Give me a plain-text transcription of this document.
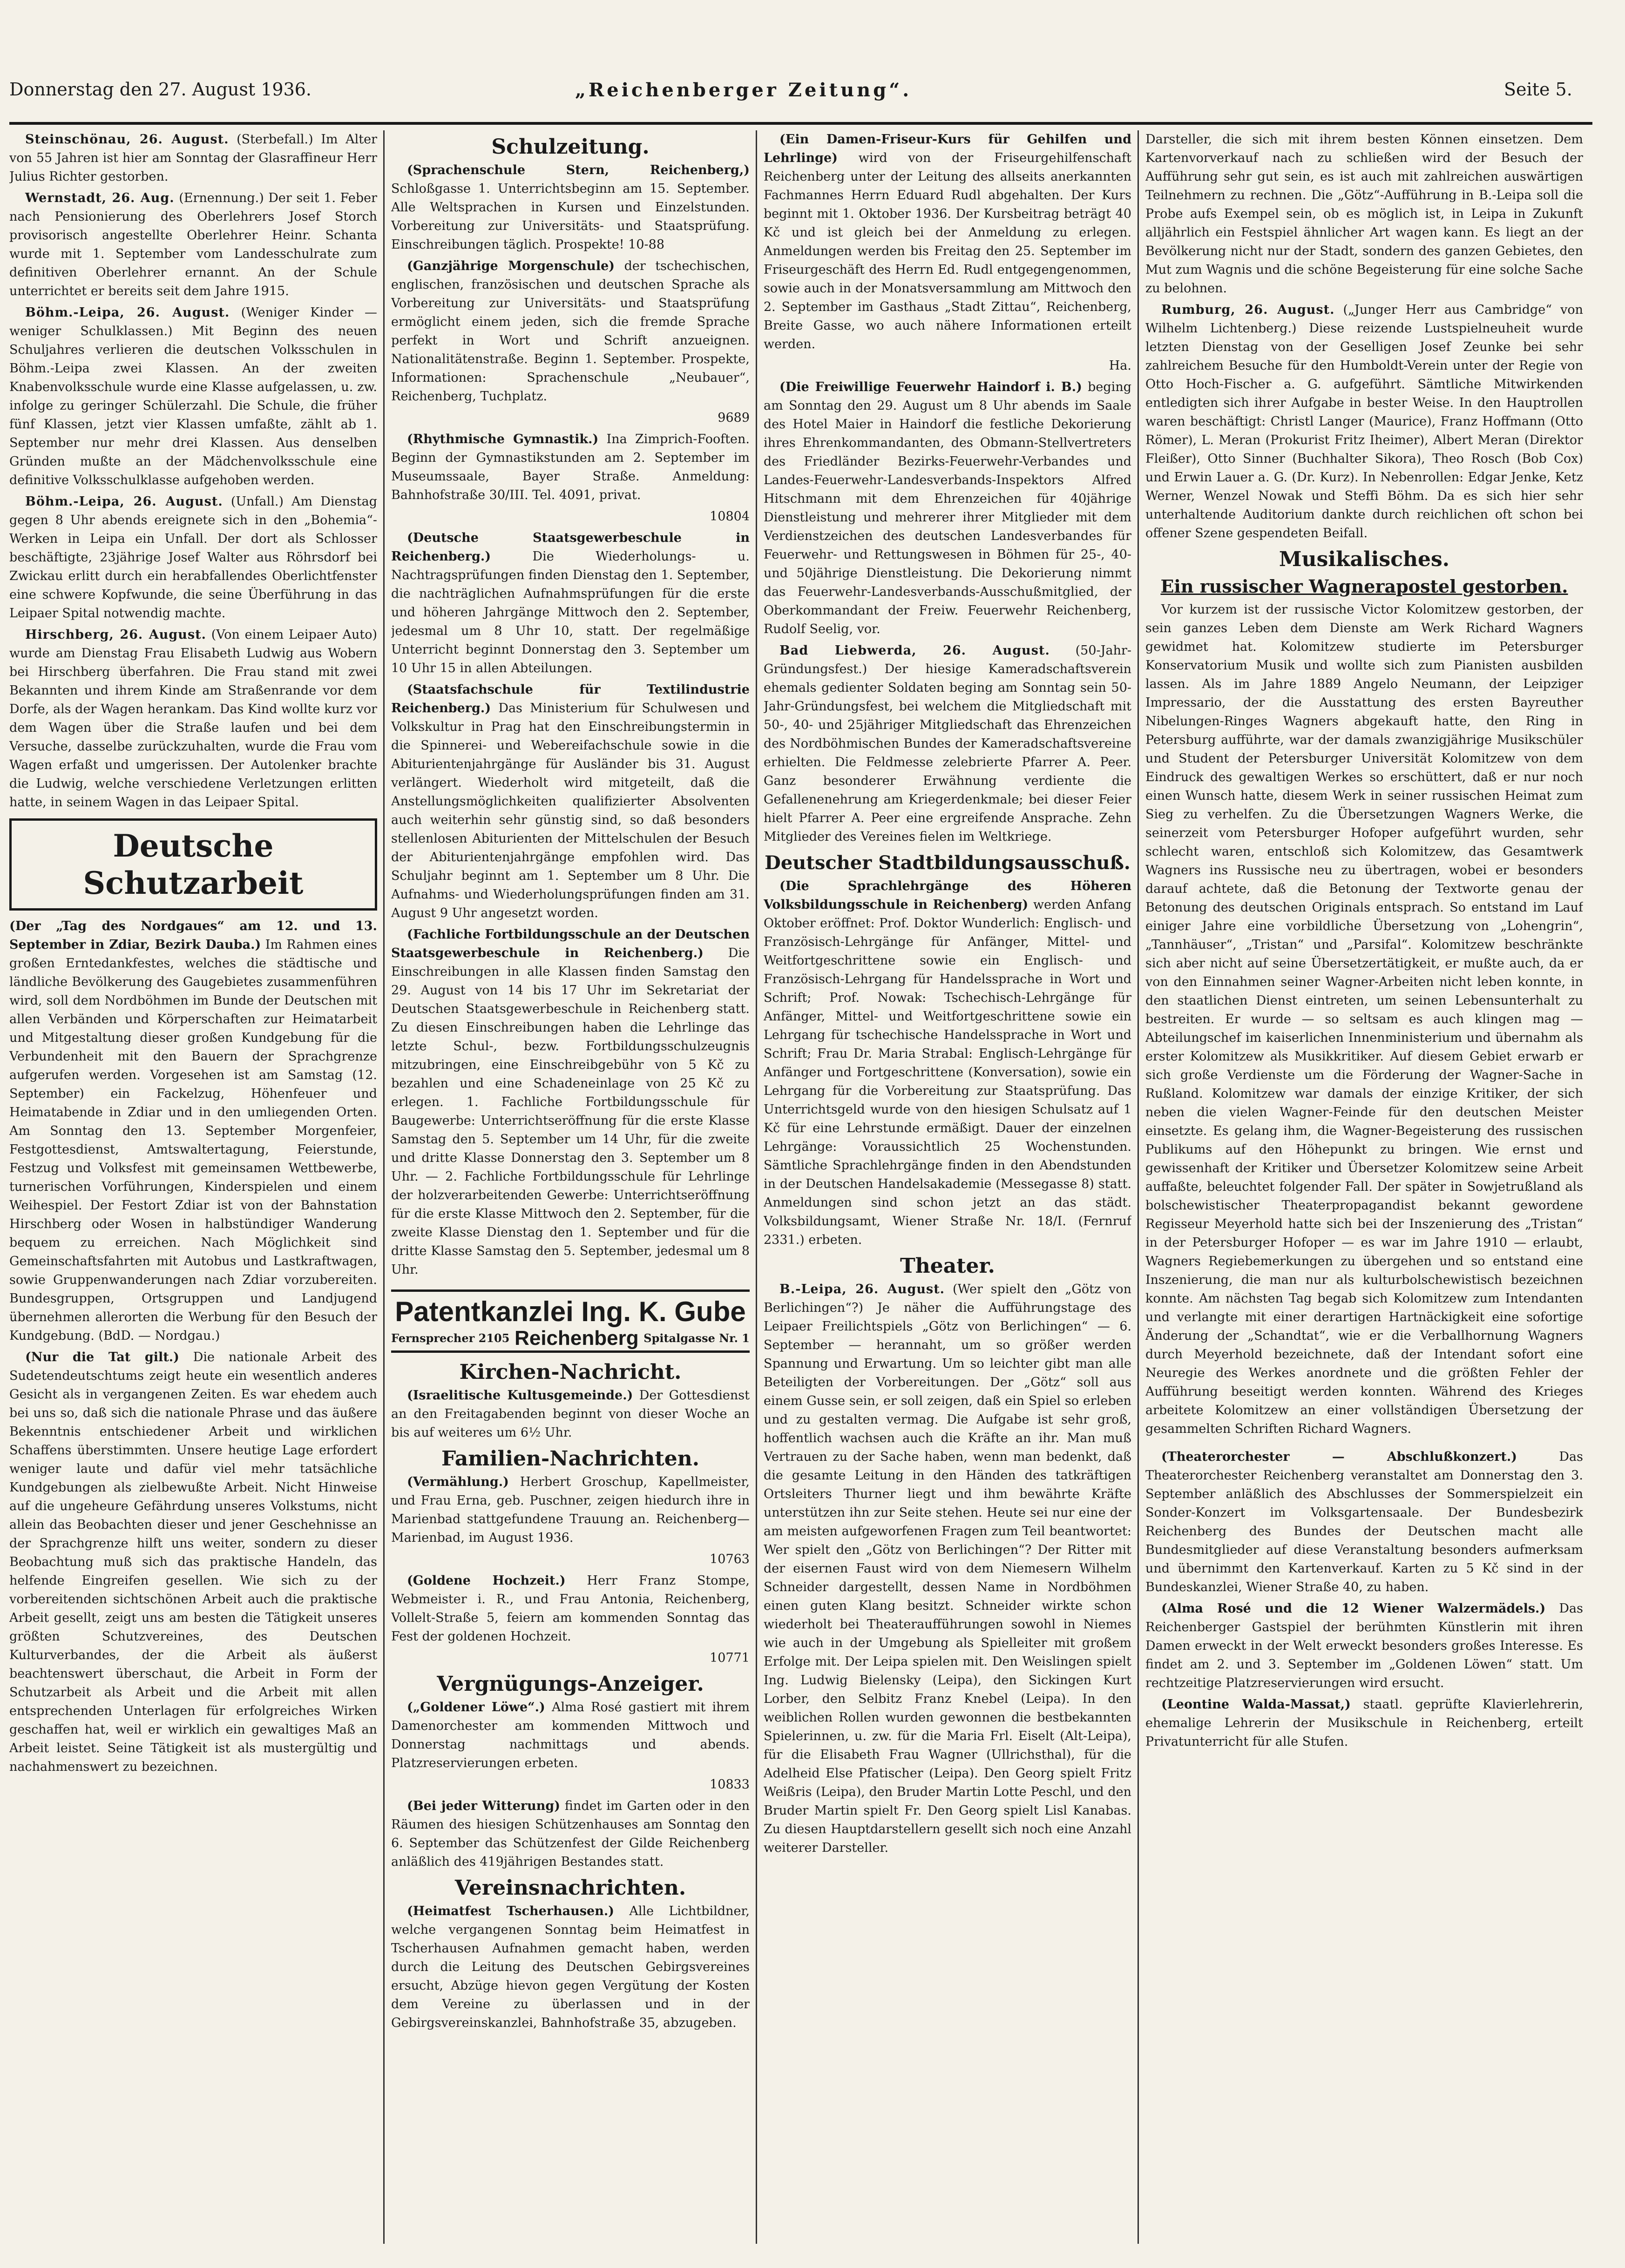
Donnerstag den 27. August 1936.	„Reichenberger Zeitung“.	Seite 5.

Steinschönau, 26. August. (Sterbefall.) Im Alter von 55 Jahren ist hier am Sonntag der Glasraffineur Herr Julius Richter gestorben.

Wernstadt, 26. Aug. (Ernennung.) Der seit 1. Feber nach Pensionierung des Oberlehrers Josef Storch provisorisch angestellte Oberlehrer Heinr. Schanta wurde mit 1. September vom Landesschulrate zum definitiven Oberlehrer ernannt. An der Schule unterrichtet er bereits seit dem Jahre 1915.

Böhm.-Leipa, 26. August. (Weniger Kinder — weniger Schulklassen.) Mit Beginn des neuen Schuljahres verlieren die deutschen Volksschulen in Böhm.-Leipa zwei Klassen. An der zweiten Knabenvolksschule wurde eine Klasse aufgelassen, u. zw. infolge zu geringer Schülerzahl. Die Schule, die früher fünf Klassen, jetzt vier Klassen umfaßte, zählt ab 1. September nur mehr drei Klassen. Aus denselben Gründen mußte an der Mädchenvolksschule eine definitive Volksschulklasse aufgehoben werden.

Böhm.-Leipa, 26. August. (Unfall.) Am Dienstag gegen 8 Uhr abends ereignete sich in den „Bohemia“-Werken in Leipa ein Unfall. Der dort als Schlosser beschäftigte, 23jährige Josef Walter aus Röhrsdorf bei Zwickau erlitt durch ein herabfallendes Oberlichtfenster eine schwere Kopfwunde, die seine Überführung in das Leipaer Spital notwendig machte.

Hirschberg, 26. August. (Von einem Leipaer Auto) wurde am Dienstag Frau Elisabeth Ludwig aus Wobern bei Hirschberg überfahren. Die Frau stand mit zwei Bekannten und ihrem Kinde am Straßenrande vor dem Dorfe, als der Wagen herankam. Das Kind wollte kurz vor dem Wagen über die Straße laufen und bei dem Versuche, dasselbe zurückzuhalten, wurde die Frau vom Wagen erfaßt und umgerissen. Der Autolenker brachte die Ludwig, welche verschiedene Verletzungen erlitten hatte, in seinem Wagen in das Leipaer Spital.

Deutsche Schutzarbeit

(Der „Tag des Nordgaues“ am 12. und 13. September in Zdiar, Bezirk Dauba.) Im Rahmen eines großen Erntedankfestes, welches die städtische und ländliche Bevölkerung des Gaugebietes zusammenführen wird, soll dem Nordböhmen im Bunde der Deutschen mit allen Verbänden und Körperschaften zur Heimatarbeit und Mitgestaltung dieser großen Kundgebung für die Verbundenheit mit den Bauern der Sprachgrenze aufgerufen werden. Vorgesehen ist am Samstag (12. September) ein Fackelzug, Höhenfeuer und Heimatabende in Zdiar und in den umliegenden Orten. Am Sonntag den 13. September Morgenfeier, Festgottesdienst, Amtswaltertagung, Feierstunde, Festzug und Volksfest mit gemeinsamen Wettbewerbe, turnerischen Vorführungen, Kinderspielen und einem Weihespiel. Der Festort Zdiar ist von der Bahnstation Hirschberg oder Wosen in halbstündiger Wanderung bequem zu erreichen. Nach Möglichkeit sind Gemeinschaftsfahrten mit Autobus und Lastkraftwagen, sowie Gruppenwanderungen nach Zdiar vorzubereiten. Bundesgruppen, Ortsgruppen und Landjugend übernehmen allerorten die Werbung für den Besuch der Kundgebung. (BdD. — Nordgau.)

(Nur die Tat gilt.) Die nationale Arbeit des Sudetendeutschtums zeigt heute ein wesentlich anderes Gesicht als in vergangenen Zeiten. Es war ehedem auch bei uns so, daß sich die nationale Phrase und das äußere Bekenntnis entschiedener Arbeit und wirklichen Schaffens überstimmten. Unsere heutige Lage erfordert weniger laute und dafür viel mehr tatsächliche Kundgebungen als zielbewußte Arbeit. Nicht Hinweise auf die ungeheure Gefährdung unseres Volkstums, nicht allein das Beobachten dieser und jener Geschehnisse an der Sprachgrenze hilft uns weiter, sondern zu dieser Beobachtung muß sich das praktische Handeln, das helfende Eingreifen gesellen. Wie sich zu der vorbereitenden sichtschönen Arbeit auch die praktische Arbeit gesellt, zeigt uns am besten die Tätigkeit unseres größten Schutzvereines, des Deutschen Kulturverbandes, der die Arbeit als äußerst beachtenswert überschaut, die Arbeit in Form der Schutzarbeit als Arbeit und die Arbeit mit allen entsprechenden Unterlagen für erfolgreiches Wirken geschaffen hat, weil er wirklich ein gewaltiges Maß an Arbeit leistet. Seine Tätigkeit ist als mustergültig und nachahmenswert zu bezeichnen.

Schulzeitung.

(Sprachenschule Stern, Reichenberg,) Schloßgasse 1. Unterrichtsbeginn am 15. September. Alle Weltsprachen in Kursen und Einzelstunden. Vorbereitung zur Universitäts- und Staatsprüfung. Einschreibungen täglich. Prospekte! 10-88

(Ganzjährige Morgenschule) der tschechischen, englischen, französischen und deutschen Sprache als Vorbereitung zur Universitäts- und Staatsprüfung ermöglicht einem jeden, sich die fremde Sprache perfekt in Wort und Schrift anzueignen. Nationalitätenstraße. Beginn 1. September. Prospekte, Informationen: Sprachenschule „Neubauer“, Reichenberg, Tuchplatz.

9689

(Rhythmische Gymnastik.) Ina Zimprich-Fooften. Beginn der Gymnastikstunden am 2. September im Museumssaale, Bayer Straße. Anmeldung: Bahnhofstraße 30/III. Tel. 4091, privat.

10804

(Deutsche Staatsgewerbeschule in Reichenberg.)	Die Wiederholungs- u. Nachtragsprüfungen finden Dienstag den 1. September, die nachträglichen Aufnahmsprüfungen für die erste und höheren Jahrgänge Mittwoch den 2. September, jedesmal um 8 Uhr 10, statt. Der regelmäßige Unterricht beginnt Donnerstag den 3. September um 10 Uhr 15 in allen Abteilungen.

(Staatsfachschule für Textilindustrie Reichenberg.) Das Ministerium für Schulwesen und Volkskultur in Prag hat den Einschreibungstermin in die Spinnerei- und Webereifachschule sowie in die Abiturientenjahrgänge für Ausländer bis 31. August verlängert. Wiederholt wird mitgeteilt, daß die Anstellungsmöglichkeiten qualifizierter Absolventen auch weiterhin sehr günstig sind, so daß besonders stellenlosen Abiturienten der Mittelschulen der Besuch der Abiturientenjahrgänge empfohlen wird. Das Schuljahr beginnt am 1. September um 8 Uhr. Die Aufnahms- und Wiederholungsprüfungen finden am 31. August 9 Uhr angesetzt worden.

(Fachliche Fortbildungsschule an der Deutschen Staatsgewerbeschule in Reichenberg.) Die Einschreibungen in alle Klassen finden Samstag den 29. August von 14 bis 17 Uhr im Sekretariat der Deutschen Staatsgewerbeschule in Reichenberg statt. Zu diesen Einschreibungen haben die Lehrlinge das letzte Schul-, bezw. Fortbildungsschulzeugnis mitzubringen, eine Einschreibgebühr von 5 Kč zu bezahlen und eine Schadeneinlage von 25 Kč zu erlegen. 1. Fachliche Fortbildungsschule für Baugewerbe: Unterrichtseröffnung für die erste Klasse Samstag den 5. September um 14 Uhr, für die zweite und dritte Klasse Donnerstag den 3. September um 8 Uhr. — 2. Fachliche Fortbildungsschule für Lehrlinge der holzverarbeitenden Gewerbe: Unterrichtseröffnung für die erste Klasse Mittwoch den 2. September, für die zweite Klasse Dienstag den 1. September und für die dritte Klasse Samstag den 5. September, jedesmal um 8 Uhr.

Patentkanzlei Ing. K. Gube
Fernsprecher 2105 Reichenberg Spitalgasse Nr. 1
Kirchen-Nachricht.

(Israelitische Kultusgemeinde.) Der Gottesdienst an den Freitagabenden beginnt von dieser Woche an bis auf weiteres um 6½ Uhr.

Familien-Nachrichten.

(Vermählung.) Herbert Groschup, Kapellmeister, und Frau Erna, geb. Puschner, zeigen hiedurch ihre in Marienbad stattgefundene Trauung an. Reichenberg—Marienbad, im August 1936.

10763

(Goldene Hochzeit.) Herr Franz Stompe, Webmeister i. R., und Frau Antonia, Reichenberg, Vollelt-Straße 5, feiern am kommenden Sonntag das Fest der goldenen Hochzeit.

10771
Vergnügungs-Anzeiger.

(„Goldener Löwe“.) Alma Rosé gastiert mit ihrem Damenorchester am kommenden Mittwoch und Donnerstag nachmittags und abends. Platzreservierungen erbeten.

10833

(Bei jeder Witterung) findet im Garten oder in den Räumen des hiesigen Schützenhauses am Sonntag den 6. September das Schützenfest der Gilde Reichenberg anläßlich des 419jährigen Bestandes statt.

Vereinsnachrichten.

(Heimatfest Tscherhausen.) Alle Lichtbildner, welche vergangenen Sonntag beim Heimatfest in Tscherhausen Aufnahmen gemacht haben, werden durch die Leitung des Deutschen Gebirgsvereines ersucht, Abzüge hievon gegen Vergütung der Kosten dem Vereine zu überlassen und in der Gebirgsvereinskanzlei, Bahnhofstraße 35, abzugeben.

(Ein Damen-Friseur-Kurs für Gehilfen und Lehrlinge) wird von der Friseurgehilfenschaft Reichenberg unter der Leitung des allseits anerkannten Fachmannes Herrn Eduard Rudl abgehalten. Der Kurs beginnt mit 1. Oktober 1936. Der Kursbeitrag beträgt 40 Kč und ist gleich bei der Anmeldung zu erlegen. Anmeldungen werden bis Freitag den 25. September im Friseurgeschäft des Herrn Ed. Rudl entgegengenommen, sowie auch in der Monatsversammlung am Mittwoch den 2. September im Gasthaus „Stadt Zittau“, Reichenberg, Breite Gasse, wo auch nähere Informationen erteilt werden.

Ha.

(Die Freiwillige Feuerwehr Haindorf i. B.) beging am Sonntag den 29. August um 8 Uhr abends im Saale des Hotel Maier in Haindorf die festliche Dekorierung ihres Ehrenkommandanten, des Obmann-Stellvertreters des Friedländer Bezirks-Feuerwehr-Verbandes und Landes-Feuerwehr-Landesverbands-Inspektors Alfred Hitschmann mit dem Ehrenzeichen für 40jährige Dienstleistung und mehrerer ihrer Mitglieder mit dem Verdienstzeichen des deutschen Landesverbandes für Feuerwehr- und Rettungswesen in Böhmen für 25-, 40- und 50jährige Dienstleistung. Die Dekorierung nimmt das Feuerwehr-Landesverbands-Ausschußmitglied, der Oberkommandant der Freiw. Feuerwehr Reichenberg, Rudolf Seelig, vor.

Bad Liebwerda, 26. August. (50-Jahr-Gründungsfest.) Der hiesige Kameradschaftsverein ehemals gedienter Soldaten beging am Sonntag sein 50-Jahr-Gründungsfest, bei welchem die Mitgliedschaft mit 50-, 40- und 25jähriger Mitgliedschaft das Ehrenzeichen des Nordböhmischen Bundes der Kameradschaftsvereine erhielten. Die Feldmesse zelebrierte Pfarrer A. Peer. Ganz besonderer Erwähnung verdiente die Gefallenenehrung am Kriegerdenkmale; bei dieser Feier hielt Pfarrer A. Peer eine ergreifende Ansprache. Zehn Mitglieder des Vereines fielen im Weltkriege.

Deutscher Stadtbildungsausschuß.

(Die Sprachlehrgänge des Höheren Volksbildungsschule in Reichenberg) werden Anfang Oktober eröffnet: Prof. Doktor Wunderlich: Englisch- und Französisch-Lehrgänge für Anfänger, Mittel- und Weitfortgeschrittene sowie ein Englisch- und Französisch-Lehrgang für Handelssprache in Wort und Schrift; Prof. Nowak: Tschechisch-Lehrgänge für Anfänger, Mittel- und Weitfortgeschrittene sowie ein Lehrgang für tschechische Handelssprache in Wort und Schrift; Frau Dr. Maria Strabal: Englisch-Lehrgänge für Anfänger und Fortgeschrittene (Konversation), sowie ein Lehrgang für die Vorbereitung zur Staatsprüfung. Das Unterrichtsgeld wurde von den hiesigen Schulsatz auf 1 Kč für eine Lehrstunde ermäßigt. Dauer der einzelnen Lehrgänge: Voraussichtlich 25 Wochenstunden. Sämtliche Sprachlehrgänge finden in den Abendstunden in der Deutschen Handelsakademie (Messegasse 8) statt. Anmeldungen sind schon jetzt an das städt. Volksbildungsamt, Wiener Straße Nr. 18/I. (Fernruf 2331.) erbeten.

Theater.

B.-Leipa, 26. August. (Wer spielt den „Götz von Berlichingen“?) Je näher die Aufführungstage des Leipaer Freilichtspiels „Götz von Berlichingen“ — 6. September — herannaht, um so größer werden Spannung und Erwartung. Um so leichter gibt man alle Beteiligten der Vorbereitungen. Der „Götz“ soll aus einem Gusse sein, er soll zeigen, daß ein Spiel so erleben und zu gestalten vermag. Die Aufgabe ist sehr groß, hoffentlich wachsen auch die Kräfte an ihr. Man muß Vertrauen zu der Sache haben, wenn man bedenkt, daß die gesamte Leitung in den Händen des tatkräftigen Ortsleiters Thurner liegt und ihm bewährte Kräfte unterstützen ihn zur Seite stehen. Heute sei nur eine der am meisten aufgeworfenen Fragen zum Teil beantwortet: Wer spielt den „Götz von Berlichingen“? Der Ritter mit der eisernen Faust wird von dem Niemesern Wilhelm Schneider dargestellt, dessen Name in Nordböhmen einen guten Klang besitzt. Schneider wirkte schon wiederholt bei Theateraufführungen sowohl in Niemes wie auch in der Umgebung als Spielleiter mit großem Erfolge mit. Der Leipa spielen mit. Den Weislingen spielt Ing. Ludwig Bielensky (Leipa), den Sickingen Kurt Lorber, den Selbitz Franz Knebel (Leipa). In den weiblichen Rollen wurden gewonnen die bestbekannten Spielerinnen, u. zw. für die Maria Frl. Eiselt (Alt-Leipa), für die Elisabeth Frau Wagner (Ullrichsthal), für die Adelheid Else Pfatischer (Leipa). Den Georg spielt Fritz Weißris (Leipa), den Bruder Martin Lotte Peschl, und den Bruder Martin spielt Fr. Den Georg spielt Lisl Kanabas. Zu diesen Hauptdarstellern gesellt sich noch eine Anzahl weiterer Darsteller.

Darsteller, die sich mit ihrem besten Können einsetzen. Dem Kartenvorverkauf nach zu schließen wird der Besuch der Aufführung sehr gut sein, es ist auch mit zahlreichen auswärtigen Teilnehmern zu rechnen. Die „Götz“-Aufführung in B.-Leipa soll die Probe aufs Exempel sein, ob es möglich ist, in Leipa in Zukunft alljährlich ein Festspiel ähnlicher Art wagen kann. Es liegt an der Bevölkerung nicht nur der Stadt, sondern des ganzen Gebietes, den Mut zum Wagnis und die schöne Begeisterung für eine solche Sache zu belohnen.

Rumburg, 26. August. („Junger Herr aus Cambridge“ von Wilhelm Lichtenberg.) Diese reizende Lustspielneuheit wurde letzten Dienstag von der Geselligen Josef Zeunke bei sehr zahlreichem Besuche für den Humboldt-Verein unter der Regie von Otto Hoch-Fischer a. G. aufgeführt. Sämtliche Mitwirkenden entledigten sich ihrer Aufgabe in bester Weise. In den Hauptrollen waren beschäftigt: Christl Langer (Maurice), Franz Hoffmann (Otto Römer), L. Meran (Prokurist Fritz Iheimer), Albert Meran (Direktor Fleißer), Otto Sinner (Buchhalter Sikora), Theo Rosch (Bob Cox) und Erwin Lauer a. G. (Dr. Kurz). In Nebenrollen: Edgar Jenke, Ketz Werner, Wenzel Nowak und Steffi Böhm. Da es sich hier sehr unterhaltende Auditorium dankte durch reichlichen oft schon bei offener Szene gespendeten Beifall.

Musikalisches.
Ein russischer Wagnerapostel gestorben.

Vor kurzem ist der russische Victor Kolomitzew gestorben, der sein ganzes Leben dem Dienste am Werk Richard Wagners gewidmet hat. Kolomitzew studierte im Petersburger Konservatorium Musik und wollte sich zum Pianisten ausbilden lassen. Als im Jahre 1889 Angelo Neumann, der Leipziger Impressario, der die Ausstattung des ersten Bayreuther Nibelungen-Ringes Wagners abgekauft hatte, den Ring in Petersburg aufführte, war der damals zwanzigjährige Musikschüler und Student der Petersburger Universität Kolomitzew von dem Eindruck des gewaltigen Werkes so erschüttert, daß er nur noch einen Wunsch hatte, diesem Werk in seiner russischen Heimat zum Sieg zu verhelfen. Zu die Übersetzungen Wagners Werke, die seinerzeit vom Petersburger Hofoper aufgeführt wurden, sehr schlecht waren, entschloß sich Kolomitzew, das Gesamtwerk Wagners ins Russische neu zu übertragen, wobei er besonders darauf achtete, daß die Betonung der Textworte genau der Betonung des deutschen Originals entsprach. So entstand im Lauf einiger Jahre eine vorbildliche Übersetzung von „Lohengrin“, „Tannhäuser“, „Tristan“ und „Parsifal“. Kolomitzew beschränkte sich aber nicht auf seine Übersetzertätigkeit, er mußte auch, da er von den Einnahmen seiner Wagner-Arbeiten nicht leben konnte, in den staatlichen Dienst eintreten, um seinen Lebensunterhalt zu bestreiten. Er wurde — so seltsam es auch klingen mag — Abteilungschef im kaiserlichen Innenministerium und übernahm als erster Kolomitzew als Musikkritiker. Auf diesem Gebiet erwarb er sich große Verdienste um die Förderung der Wagner-Sache in Rußland. Kolomitzew war damals der einzige Kritiker, der sich neben die vielen Wagner-Feinde für den deutschen Meister einsetzte. Es gelang ihm, die Wagner-Begeisterung des russischen Publikums auf den Höhepunkt zu bringen. Wie ernst und gewissenhaft der Kritiker und Übersetzer Kolomitzew seine Arbeit auffaßte, beleuchtet folgender Fall. Der später in Sowjetrußland als bolschewistischer Theaterpropagandist bekannt gewordene Regisseur Meyerhold hatte sich bei der Inszenierung des „Tristan“ in der Petersburger Hofoper — es war im Jahre 1910 — erlaubt, Wagners Regiebemerkungen zu übergehen und so entstand eine Inszenierung, die man nur als kulturbolschewistisch bezeichnen konnte. Am nächsten Tag begab sich Kolomitzew zum Intendanten und verlangte mit einer derartigen Hartnäckigkeit eine sofortige Änderung der „Schandtat“, wie er die Verballhornung Wagners durch Meyerhold bezeichnete, daß der Intendant sofort eine Neuregie des Werkes anordnete und die größten Fehler der Aufführung beseitigt werden konnten. Während des Krieges arbeitete Kolomitzew an einer vollständigen Übersetzung der gesammelten Schriften Richard Wagners.

(Theaterorchester — Abschlußkonzert.)	Das Theaterorchester Reichenberg veranstaltet am Donnerstag den 3. September anläßlich des Abschlusses der Sommerspielzeit ein Sonder-Konzert im Volksgartensaale. Der Bundesbezirk Reichenberg des Bundes der Deutschen macht alle Bundesmitglieder auf diese Veranstaltung besonders aufmerksam und übernimmt den Kartenverkauf. Karten zu 5 Kč sind in der Bundeskanzlei, Wiener Straße 40, zu haben.

(Alma Rosé und die 12 Wiener Walzermädels.) Das Reichenberger Gastspiel der berühmten Künstlerin mit ihren Damen erweckt in der Welt erweckt besonders großes Interesse. Es findet am 2. und 3. September im „Goldenen Löwen“ statt. Um rechtzeitige Platzreservierungen wird ersucht.

(Leontine Walda-Massat,) staatl. geprüfte Klavierlehrerin, ehemalige Lehrerin der Musikschule in Reichenberg, erteilt Privatunterricht für alle Stufen.
